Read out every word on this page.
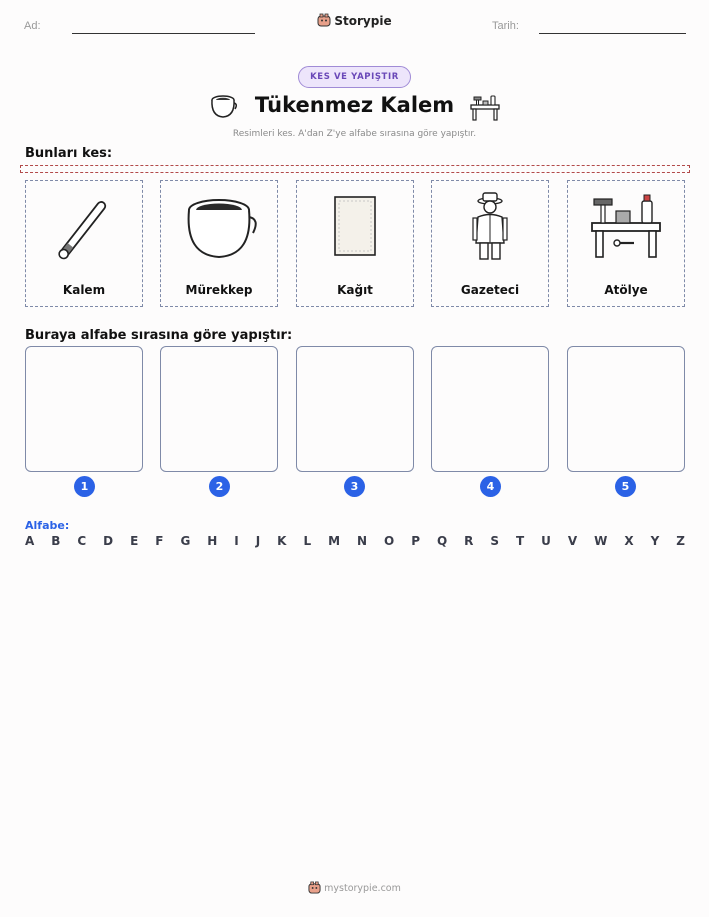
Ad:	Storypie	Tarih:
KES VE YAPIŞTIR
Tükenmez Kalem
Resimleri kes. A'dan Z'ye alfabe sırasına göre yapıştır.
Bunları kes:
Kalem	Mürekkep	Kağıt	Gazeteci	Atölye
Buraya alfabe sırasına göre yapıştır:
1	2	3	4	5
Alfabe:
A B C D E F G H I J K L M N O P Q R S T U V W X Y Z
mystorypie.com
